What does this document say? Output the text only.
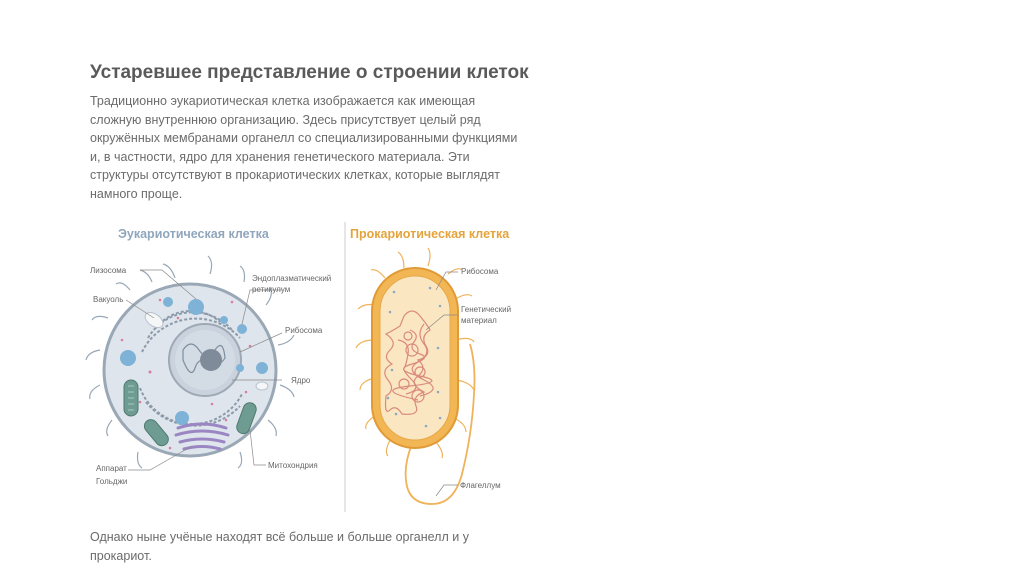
Устаревшее представление о строении клеток

Традиционно эукариотическая клетка изображается как имеющая сложную внутреннюю организацию. Здесь присутствует целый ряд окружённых мембранами органелл со специализированными функциями и, в частности, ядро для хранения генетического материала. Эти структуры отсутствуют в прокариотических клетках, которые выглядят намного проще.

Эукариотическая клетка
Лизосома
Вакуоль
Эндоплазматический
ретикулум
Рибосома
Ядро
Митохондрия
Аппарат
Гольджи
Прокариотическая клетка
Рибосома
Генетический
материал
Флагеллум

Однако ныне учёные находят всё больше и больше органелл и у прокариот.
